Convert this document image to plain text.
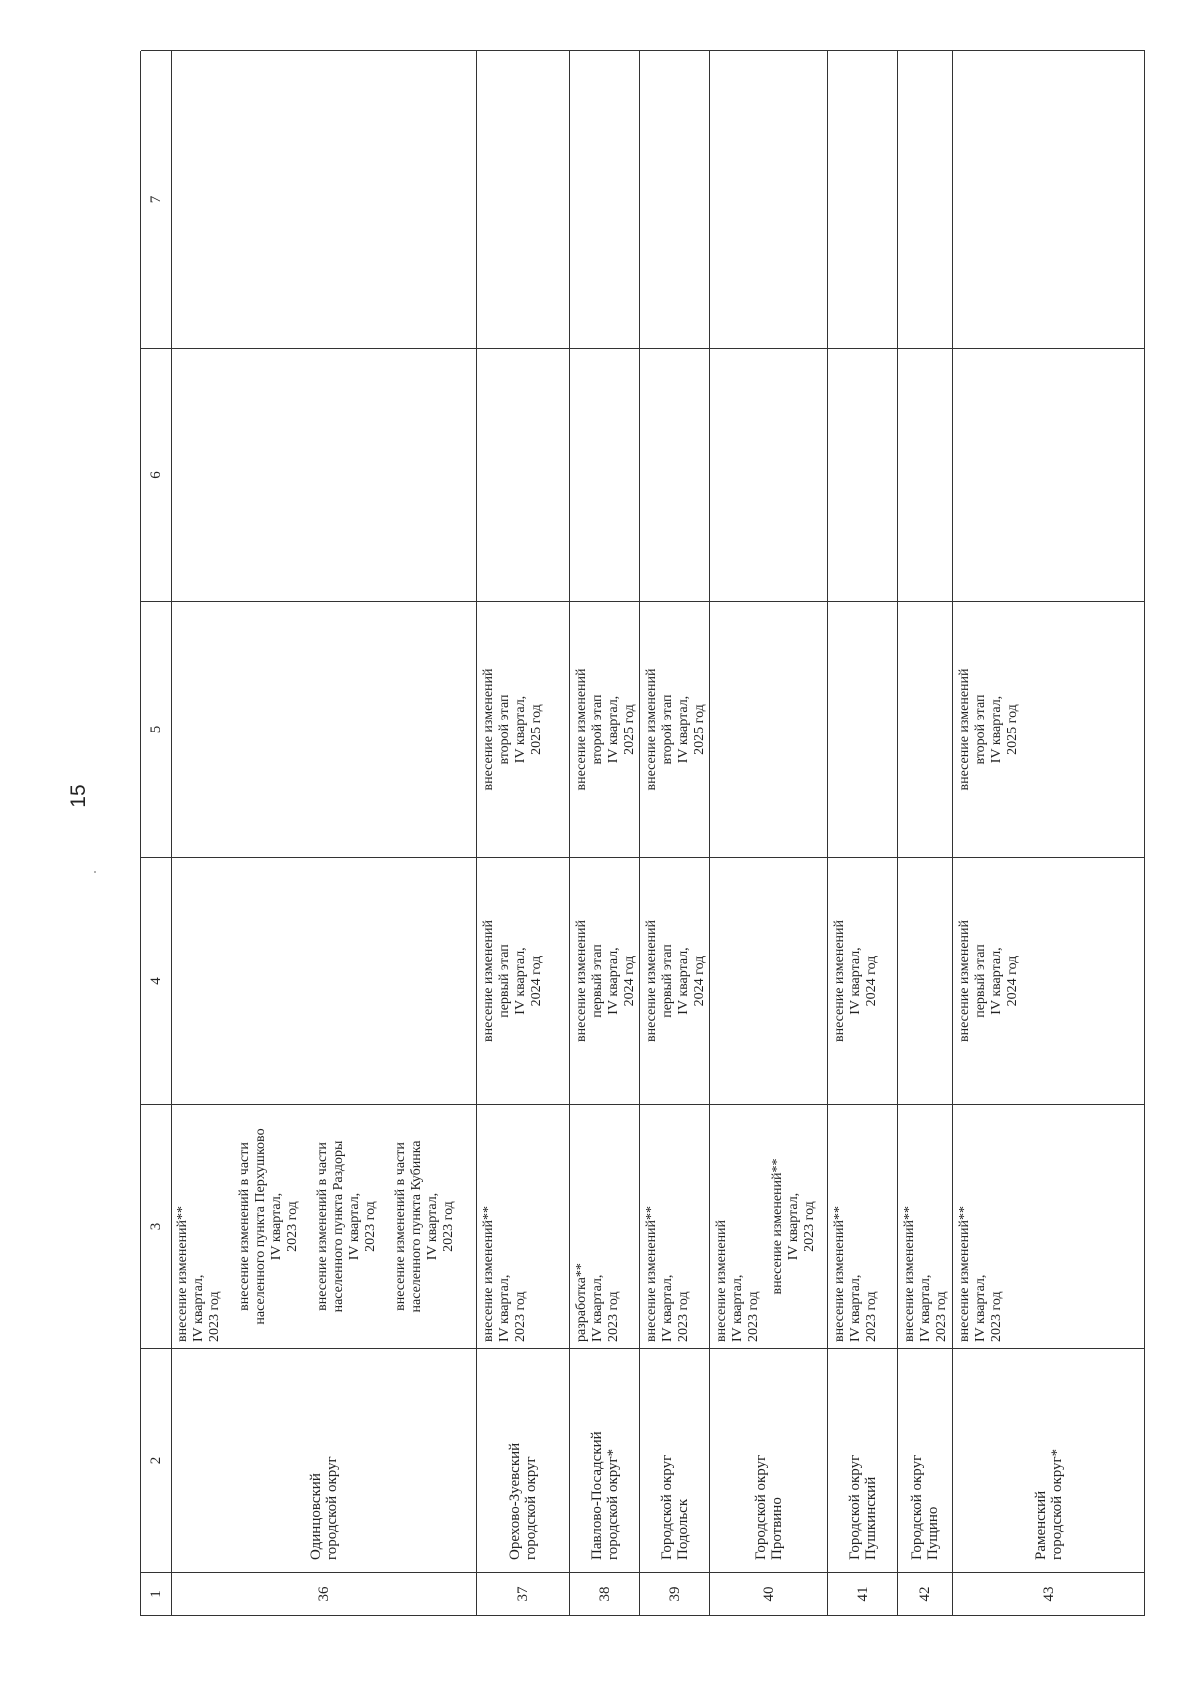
15
1
2
3
4
5
6
7
36
Одинцовский
городской округ
внесение изменений**
IV квартал,
2023 год внесение изменений в части
населенного пункта Перхушково
IV квартал,
2023 год
внесение изменений в части
населенного пункта Раздоры
IV квартал,
2023 год
внесение изменений в части
населенного пункта Кубинка
IV квартал,
2023 год
37
Орехово-Зуевский
городской округ
внесение изменений**
IV квартал,
2023 год
внесение изменений
первый этап
IV квартал,
2024 год
внесение изменений
второй этап
IV квартал,
2025 год
38
Павлово-Посадский
городской округ*
разработка**
IV квартал,
2023 год
внесение изменений
первый этап
IV квартал,
2024 год
внесение изменений
второй этап
IV квартал,
2025 год
39
Городской округ
Подольск
внесение изменений**
IV квартал,
2023 год
внесение изменений
первый этап
IV квартал,
2024 год
внесение изменений
второй этап
IV квартал,
2025 год
40
Городской округ
Протвино
внесение изменений
IV квартал,
2023 год
внесение изменений**
IV квартал,
2023 год
41
Городской округ
Пушкинский
внесение изменений**
IV квартал,
2023 год
внесение изменений
IV квартал,
2024 год
42
Городской округ
Пущино
внесение изменений**
IV квартал,
2023 год
43
Раменский
городской округ*
внесение изменений**
IV квартал,
2023 год
внесение изменений
первый этап
IV квартал,
2024 год
внесение изменений
второй этап
IV квартал,
2025 год
